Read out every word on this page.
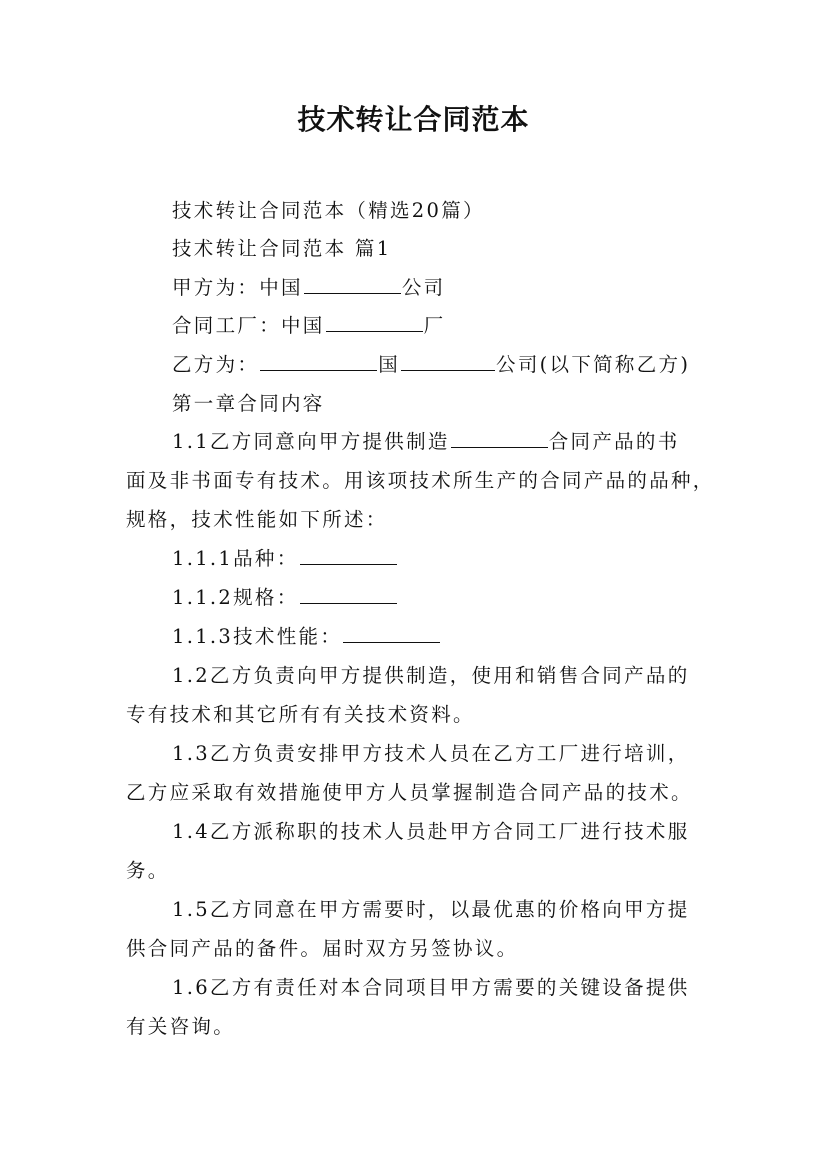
技术转让合同范本
技术转让合同范本（精选20篇）
技术转让合同范本 篇1
甲方为：中国	公司
合同工厂：中国	厂
乙方为：	国	公司(以下简称乙方)
第一章合同内容
1.1乙方同意向甲方提供制造	合同产品的书
面及非书面专有技术。用该项技术所生产的合同产品的品种，
规格，技术性能如下所述：
1.1.1品种：
1.1.2规格：
1.1.3技术性能：
1.2乙方负责向甲方提供制造，使用和销售合同产品的
专有技术和其它所有有关技术资料。
1.3乙方负责安排甲方技术人员在乙方工厂进行培训，
乙方应采取有效措施使甲方人员掌握制造合同产品的技术。
1.4乙方派称职的技术人员赴甲方合同工厂进行技术服
务。
1.5乙方同意在甲方需要时，以最优惠的价格向甲方提
供合同产品的备件。届时双方另签协议。
1.6乙方有责任对本合同项目甲方需要的关键设备提供
有关咨询。
